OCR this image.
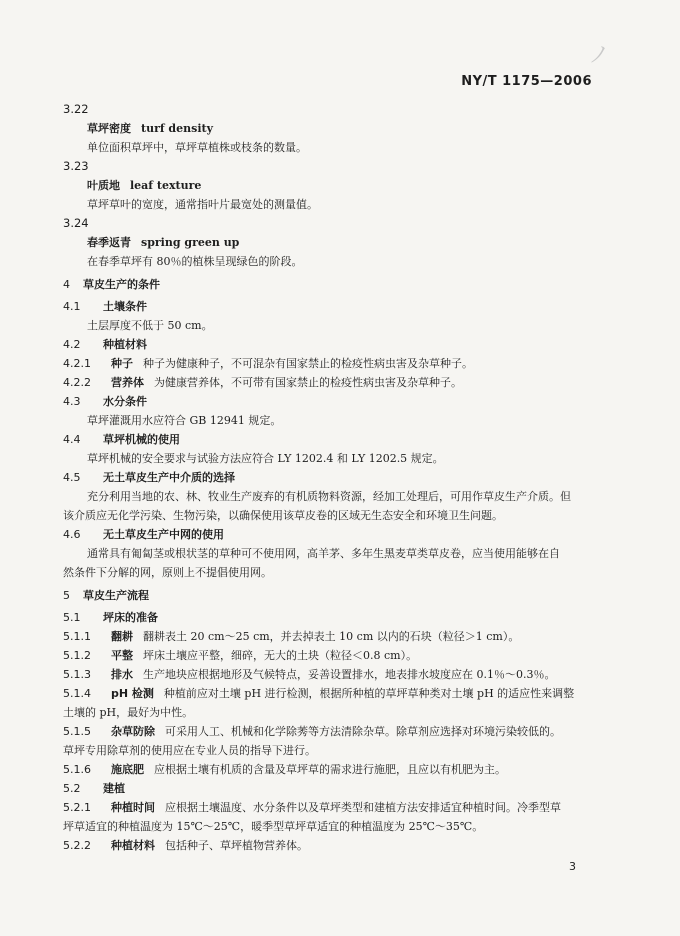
ノ
NY/T 1175—2006

3.22

草坪密度 turf density

单位面积草坪中，草坪草植株或枝条的数量。

3.23

叶质地 leaf texture

草坪草叶的宽度，通常指叶片最宽处的测量值。

3.24

春季返青 spring green up

在春季草坪有 80％的植株呈现绿色的阶段。

4 草皮生产的条件

4.1 土壤条件

土层厚度不低于 50 cm。

4.2 种植材料

4.2.1 种子 种子为健康种子，不可混杂有国家禁止的检疫性病虫害及杂草种子。

4.2.2 营养体 为健康营养体，不可带有国家禁止的检疫性病虫害及杂草种子。

4.3 水分条件

草坪灌溉用水应符合 GB 12941 规定。

4.4 草坪机械的使用

草坪机械的安全要求与试验方法应符合 LY 1202.4 和 LY 1202.5 规定。

4.5 无土草皮生产中介质的选择

充分利用当地的农、林、牧业生产废弃的有机质物料资源，经加工处理后，可用作草皮生产介质。但

该介质应无化学污染、生物污染，以确保使用该草皮卷的区域无生态安全和环境卫生问题。

4.6 无土草皮生产中网的使用

通常具有匍匐茎或根状茎的草种可不使用网，高羊茅、多年生黑麦草类草皮卷，应当使用能够在自

然条件下分解的网，原则上不提倡使用网。

5 草皮生产流程

5.1 坪床的准备

5.1.1 翻耕 翻耕表土 20 cm～25 cm，并去掉表土 10 cm 以内的石块（粒径＞1 cm）。

5.1.2 平整 坪床土壤应平整，细碎，无大的土块（粒径＜0.8 cm）。

5.1.3 排水 生产地块应根据地形及气候特点，妥善设置排水，地表排水坡度应在 0.1％～0.3％。

5.1.4 pH 检测 种植前应对土壤 pH 进行检测，根据所种植的草坪草种类对土壤 pH 的适应性来调整

土壤的 pH，最好为中性。

5.1.5 杂草防除 可采用人工、机械和化学除莠等方法清除杂草。除草剂应选择对环境污染较低的。

草坪专用除草剂的使用应在专业人员的指导下进行。

5.1.6 施底肥 应根据土壤有机质的含量及草坪草的需求进行施肥，且应以有机肥为主。

5.2 建植

5.2.1 种植时间 应根据土壤温度、水分条件以及草坪类型和建植方法安排适宜种植时间。冷季型草

坪草适宜的种植温度为 15℃～25℃，暖季型草坪草适宜的种植温度为 25℃～35℃。

5.2.2 种植材料 包括种子、草坪植物营养体。

3
